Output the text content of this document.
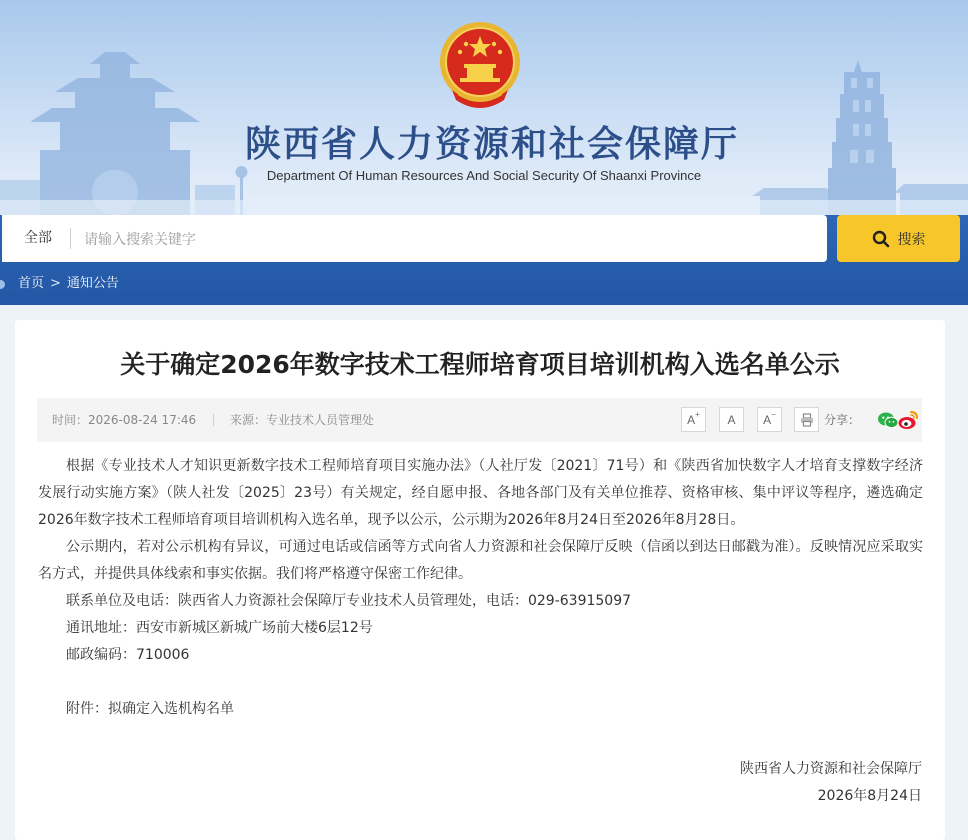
陕西省人力资源和社会保障厅
Department Of Human Resources And Social Security Of Shaanxi Province
全部
请输入搜索关键字	搜索
首页 > 通知公告
关于确定2026年数字技术工程师培育项目培训机构入选名单公示
时间：2026-08-24 17:46	来源：专业技术人员管理处	A+ A A−	分享：

根据《专业技术人才知识更新数字技术工程师培育项目实施办法》（人社厅发〔2021〕71号）和《陕西省加快数字人才培育支撑数字经济发展行动实施方案》（陕人社发〔2025〕23号）有关规定，经自愿申报、各地各部门及有关单位推荐、资格审核、集中评议等程序，遴选确定2026年数字技术工程师培育项目培训机构入选名单，现予以公示，公示期为2026年8月24日至2026年8月28日。

公示期内，若对公示机构有异议，可通过电话或信函等方式向省人力资源和社会保障厅反映（信函以到达日邮戳为准）。反映情况应采取实名方式，并提供具体线索和事实依据。我们将严格遵守保密工作纪律。

联系单位及电话：陕西省人力资源社会保障厅专业技术人员管理处，电话：029-63915097

通讯地址：西安市新城区新城广场前大楼6层12号

邮政编码：710006

附件：拟确定入选机构名单

陕西省人力资源和社会保障厅
2026年8月24日
